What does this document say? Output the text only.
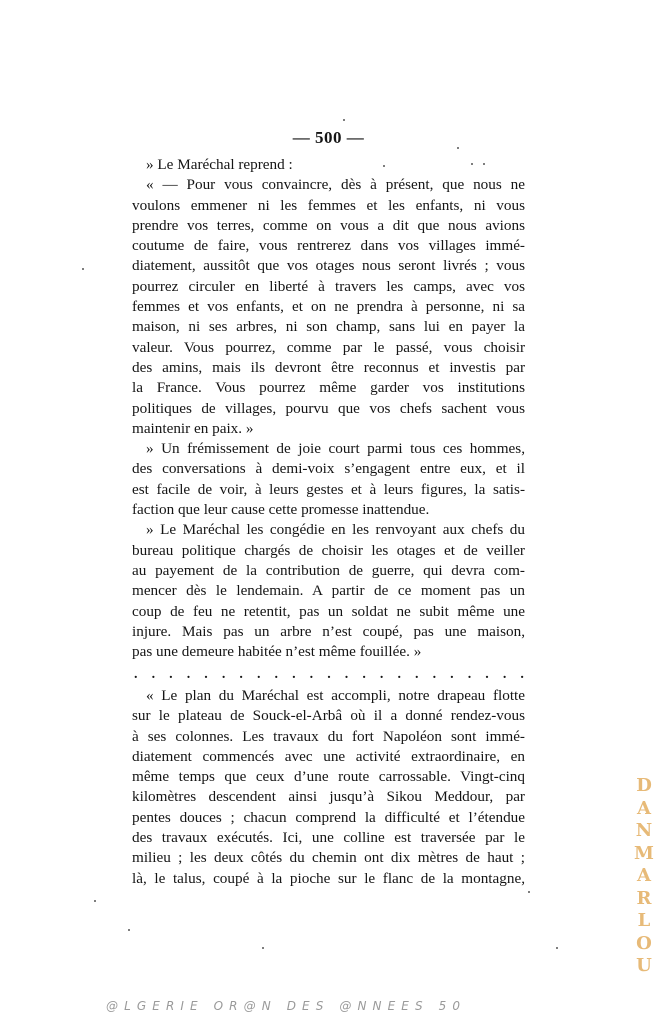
— 500 —
» Le Maréchal reprend :
« — Pour vous convaincre, dès à présent, que nous ne
voulons emmener ni les femmes et les enfants, ni vous
prendre vos terres, comme on vous a dit que nous avions
coutume de faire, vous rentrerez dans vos villages immé-
diatement, aussitôt que vos otages nous seront livrés ; vous
pourrez circuler en liberté à travers les camps, avec vos
femmes et vos enfants, et on ne prendra à personne, ni sa
maison, ni ses arbres, ni son champ, sans lui en payer la
valeur. Vous pourrez, comme par le passé, vous choisir
des amins, mais ils devront être reconnus et investis par
la France. Vous pourrez même garder vos institutions
politiques de villages, pourvu que vos chefs sachent vous
maintenir en paix. »
» Un frémissement de joie court parmi tous ces hommes,
des conversations à demi-voix s’engagent entre eux, et il
est facile de voir, à leurs gestes et à leurs figures, la satis-
faction que leur cause cette promesse inattendue.
» Le Maréchal les congédie en les renvoyant aux chefs du
bureau politique chargés de choisir les otages et de veiller
au payement de la contribution de guerre, qui devra com-
mencer dès le lendemain. A partir de ce moment pas un
coup de feu ne retentit, pas un soldat ne subit même une
injure. Mais pas un arbre n’est coupé, pas une maison,
pas une demeure habitée n’est même fouillée. »
. . . . . . . . . . . . . . . . . . . . . . .
« Le plan du Maréchal est accompli, notre drapeau flotte
sur le plateau de Souck-el-Arbâ où il a donné rendez-vous
à ses colonnes. Les travaux du fort Napoléon sont immé-
diatement commencés avec une activité extraordinaire, en
même temps que ceux d’une route carrossable. Vingt-cinq
kilomètres descendent ainsi jusqu’à Sikou Meddour, par
pentes douces ; chacun comprend la difficulté et l’étendue
des travaux exécutés. Ici, une colline est traversée par le
milieu ; les deux côtés du chemin ont dix mètres de haut ;
là, le talus, coupé à la pioche sur le flanc de la montagne,
D
A
N
M
A
R
L
O
U
@LGERIE OR@N DES @NNEES 50
